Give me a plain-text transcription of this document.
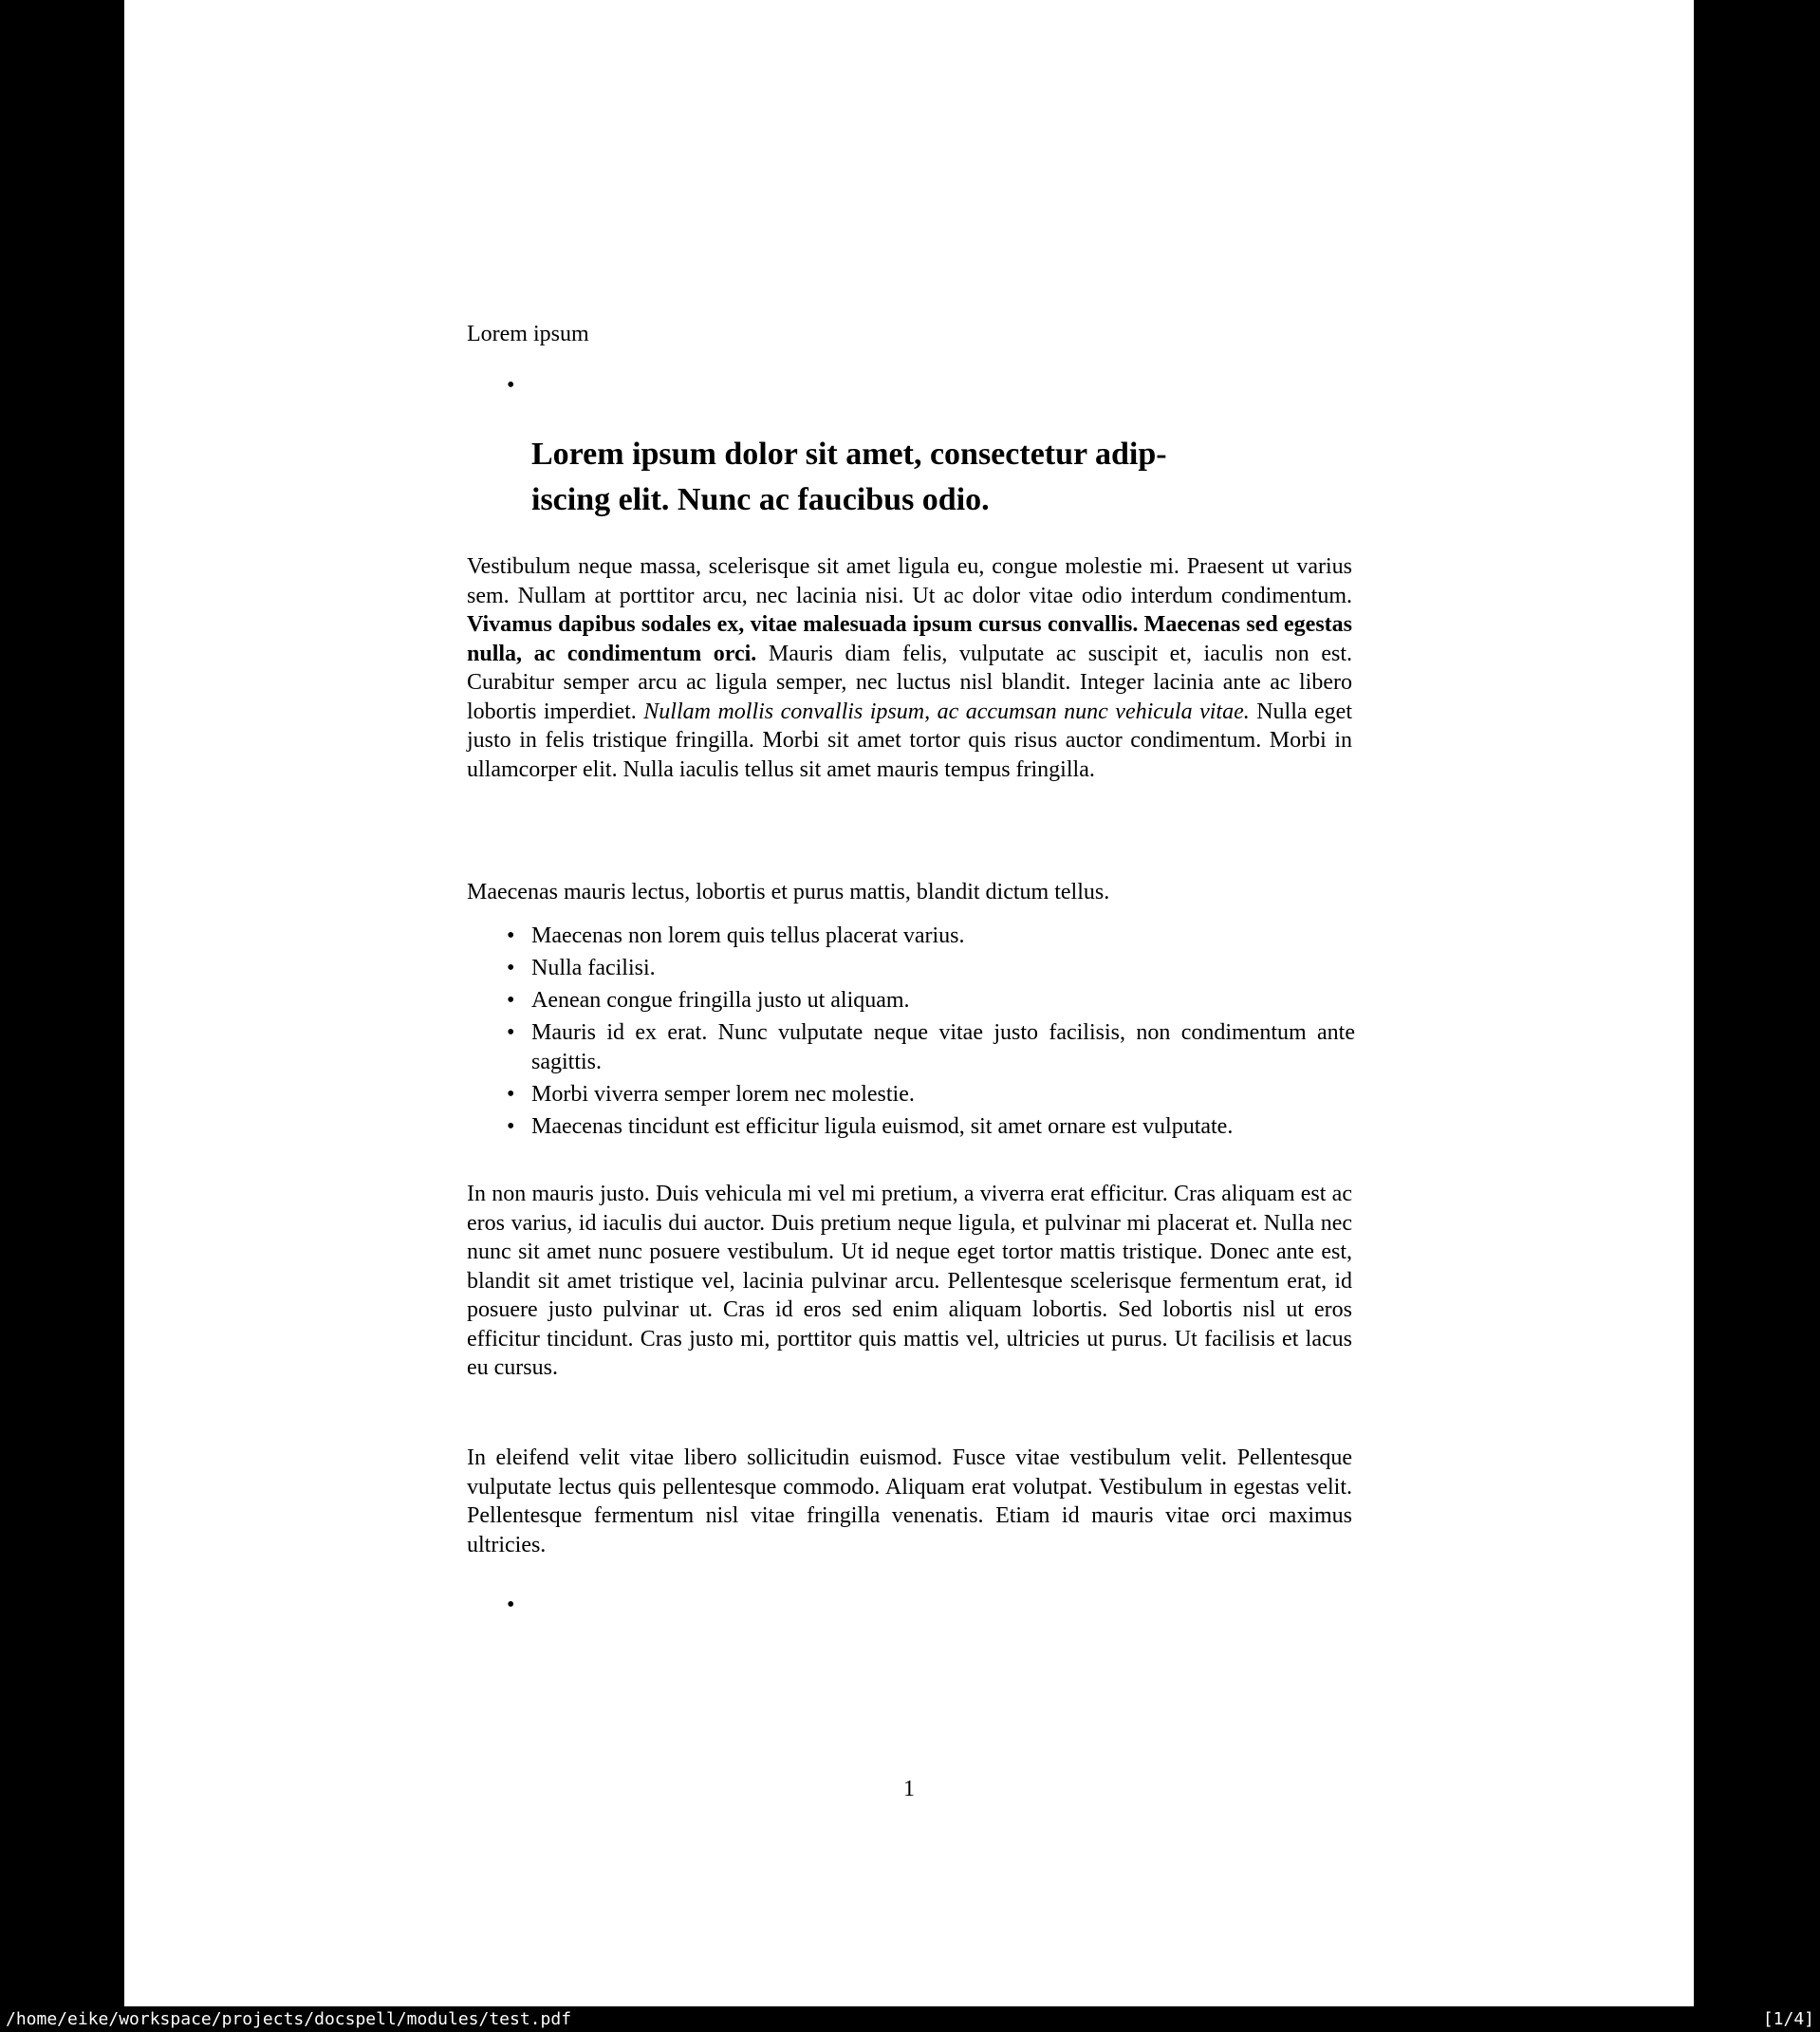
Lorem ipsum
•
Lorem ipsum dolor sit amet, consectetur adip-
iscing elit. Nunc ac faucibus odio.
Vestibulum neque massa, scelerisque sit amet ligula eu, congue molestie mi. Praesent ut varius sem. Nullam at porttitor arcu, nec lacinia nisi. Ut ac dolor vitae odio interdum condimentum. Vivamus dapibus sodales ex, vitae malesuada ipsum cursus convallis. Maecenas sed egestas nulla, ac condimentum orci. Mauris diam felis, vulputate ac suscipit et, iaculis non est. Curabitur semper arcu ac ligula semper, nec luctus nisl blandit. Integer lacinia ante ac libero lobortis imperdiet. Nullam mollis convallis ipsum, ac accumsan nunc vehicula vitae. Nulla eget justo in felis tristique fringilla. Morbi sit amet tortor quis risus auctor condimentum. Morbi in ullamcorper elit. Nulla iaculis tellus sit amet mauris tempus fringilla.
Maecenas mauris lectus, lobortis et purus mattis, blandit dictum tellus.
• Maecenas non lorem quis tellus placerat varius.
• Nulla facilisi.
• Aenean congue fringilla justo ut aliquam.
• Mauris id ex erat. Nunc vulputate neque vitae justo facilisis, non condimentum ante sagittis.
• Morbi viverra semper lorem nec molestie.
• Maecenas tincidunt est efficitur ligula euismod, sit amet ornare est vulputate.
In non mauris justo. Duis vehicula mi vel mi pretium, a viverra erat efficitur. Cras aliquam est ac eros varius, id iaculis dui auctor. Duis pretium neque ligula, et pulvinar mi placerat et. Nulla nec nunc sit amet nunc posuere vestibulum. Ut id neque eget tortor mattis tristique. Donec ante est, blandit sit amet tristique vel, lacinia pulvinar arcu. Pellentesque scelerisque fermentum erat, id posuere justo pulvinar ut. Cras id eros sed enim aliquam lobortis. Sed lobortis nisl ut eros efficitur tincidunt. Cras justo mi, porttitor quis mattis vel, ultricies ut purus. Ut facilisis et lacus eu cursus.
In eleifend velit vitae libero sollicitudin euismod. Fusce vitae vestibulum velit. Pellentesque vulputate lectus quis pellentesque commodo. Aliquam erat volutpat. Vestibulum in egestas velit. Pellentesque fermentum nisl vitae fringilla venenatis. Etiam id mauris vitae orci maximus ultricies.
•
1
/home/eike/workspace/projects/docspell/modules/test.pdf	[1/4]
